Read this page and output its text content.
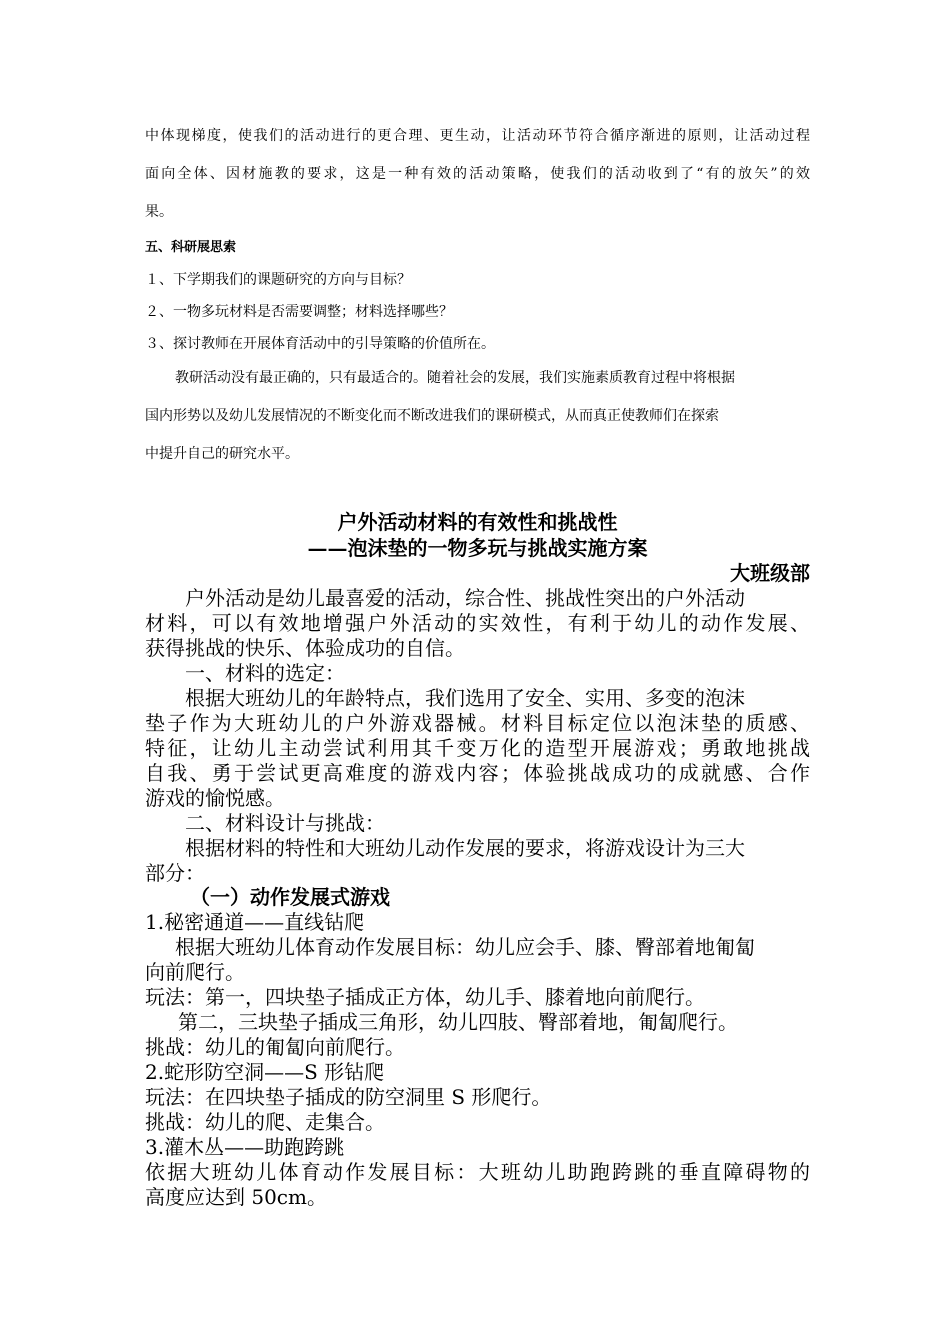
中体现梯度，使我们的活动进行的更合理、更生动，让活动环节符合循序渐进的原则，让活动过程
面向全体、因材施教的要求，这是一种有效的活动策略，使我们的活动收到了“有的放矢”的效
果。
五、科研展思索
１、下学期我们的课题研究的方向与目标？
２、一物多玩材料是否需要调整；材料选择哪些？
３、探讨教师在开展体育活动中的引导策略的价值所在。
教研活动没有最正确的，只有最适合的。随着社会的发展，我们实施素质教育过程中将根据
国内形势以及幼儿发展情况的不断变化而不断改进我们的课研模式，从而真正使教师们在探索
中提升自己的研究水平。
户外活动材料的有效性和挑战性
——泡沫垫的一物多玩与挑战实施方案
大班级部
户外活动是幼儿最喜爱的活动，综合性、挑战性突出的户外活动
材料，可以有效地增强户外活动的实效性，有利于幼儿的动作发展、
获得挑战的快乐、体验成功的自信。
一、材料的选定：
根据大班幼儿的年龄特点，我们选用了安全、实用、多变的泡沫
垫子作为大班幼儿的户外游戏器械。材料目标定位以泡沫垫的质感、
特征，让幼儿主动尝试利用其千变万化的造型开展游戏；勇敢地挑战
自我、勇于尝试更高难度的游戏内容；体验挑战成功的成就感、合作
游戏的愉悦感。
二、材料设计与挑战：
根据材料的特性和大班幼儿动作发展的要求，将游戏设计为三大
部分：
（一）动作发展式游戏
1.秘密通道——直线钻爬
根据大班幼儿体育动作发展目标：幼儿应会手、膝、臀部着地匍匐
向前爬行。
玩法：第一，四块垫子插成正方体，幼儿手、膝着地向前爬行。
第二，三块垫子插成三角形，幼儿四肢、臀部着地，匍匐爬行。
挑战：幼儿的匍匐向前爬行。
2.蛇形防空洞——S 形钻爬
玩法：在四块垫子插成的防空洞里 S 形爬行。
挑战：幼儿的爬、走集合。
3.灌木丛——助跑跨跳
依据大班幼儿体育动作发展目标：大班幼儿助跑跨跳的垂直障碍物的
高度应达到 50cm。
